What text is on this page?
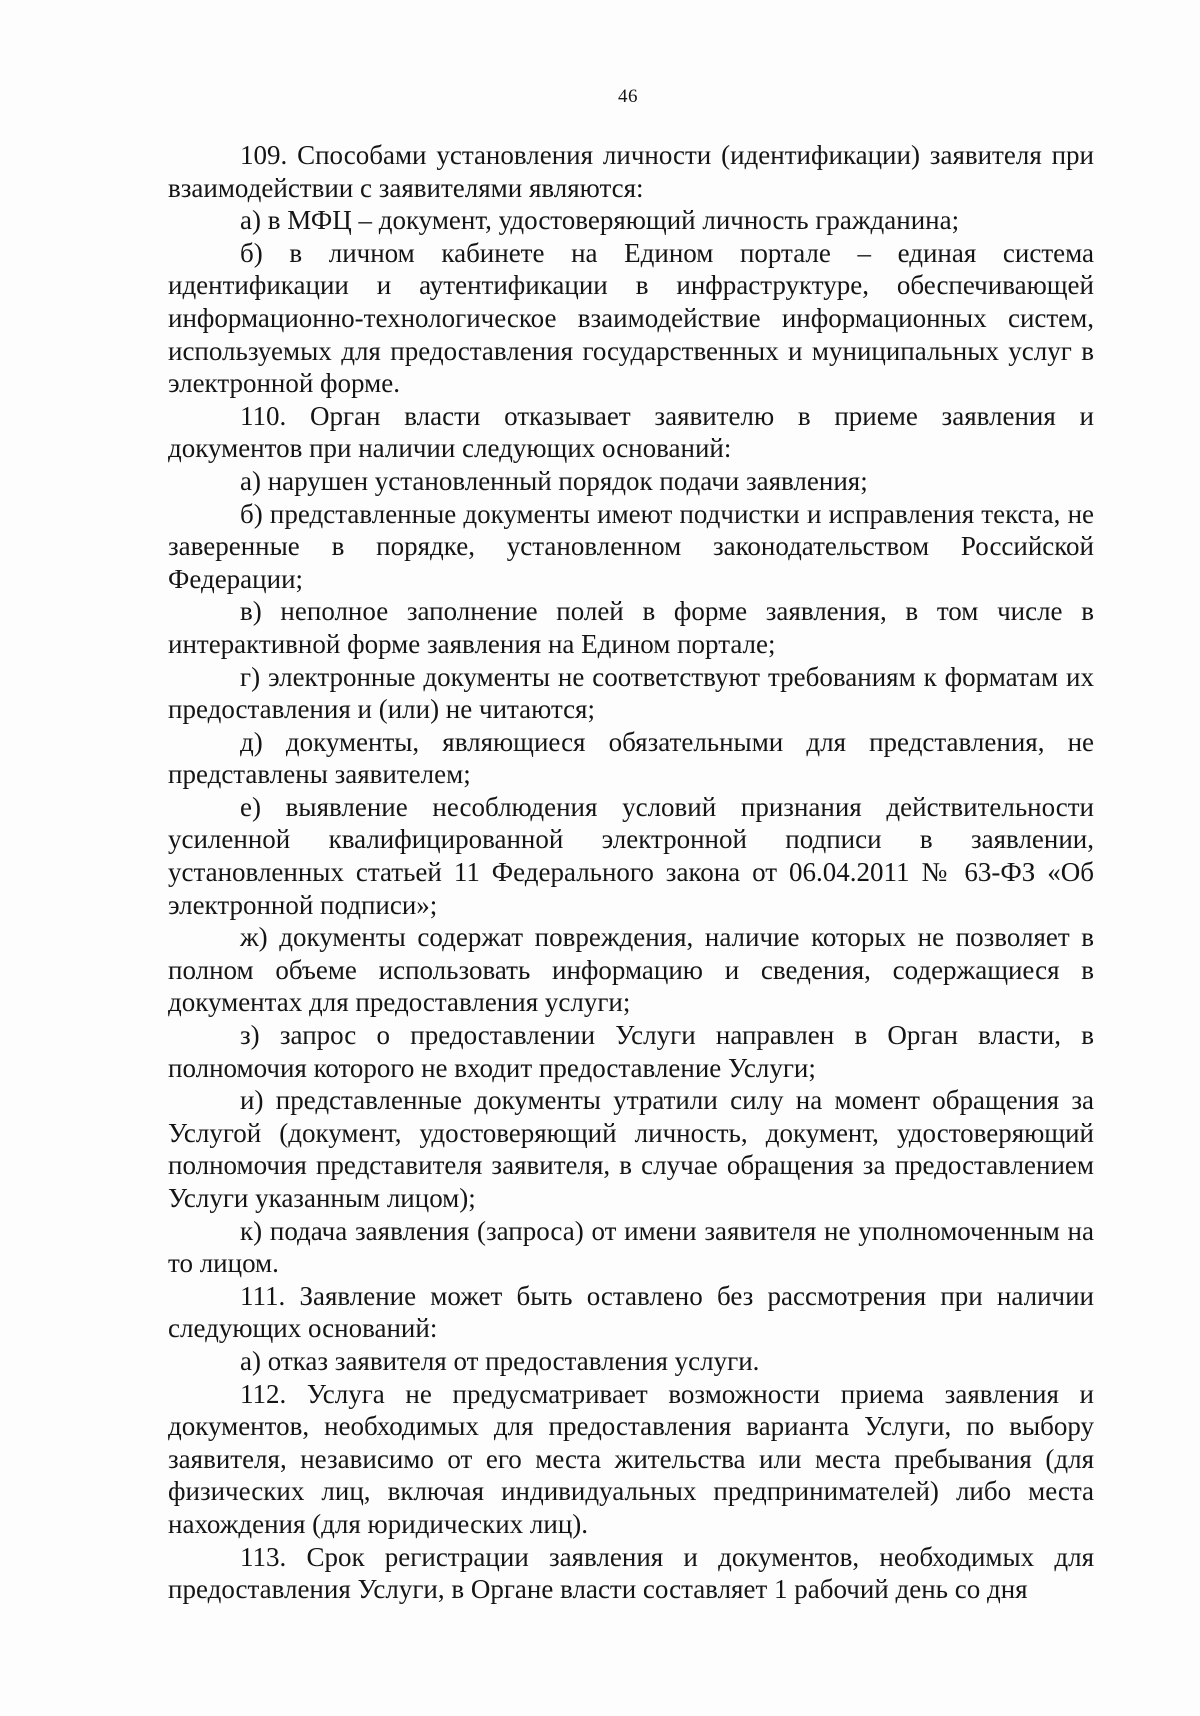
46

109. Способами установления личности (идентификации) заявителя при взаимодействии с заявителями являются:

а) в МФЦ – документ, удостоверяющий личность гражданина;

б) в личном кабинете на Едином портале – единая система идентификации и аутентификации в инфраструктуре, обеспечивающей информационно-технологическое взаимодействие информационных систем, используемых для предоставления государственных и муниципальных услуг в электронной форме.

110. Орган власти отказывает заявителю в приеме заявления и документов при наличии следующих оснований:

а) нарушен установленный порядок подачи заявления;

б) представленные документы имеют подчистки и исправления текста, не заверенные в порядке, установленном законодательством Российской Федерации;

в) неполное заполнение полей в форме заявления, в том числе в интерактивной форме заявления на Едином портале;

г) электронные документы не соответствуют требованиям к форматам их предоставления и (или) не читаются;

д) документы, являющиеся обязательными для представления, не представлены заявителем;

е) выявление несоблюдения условий признания действительности усиленной квалифицированной электронной подписи в заявлении, установленных статьей 11 Федерального закона от 06.04.2011 № 63-ФЗ «Об электронной подписи»;

ж) документы содержат повреждения, наличие которых не позволяет в полном объеме использовать информацию и сведения, содержащиеся в документах для предоставления услуги;

з) запрос о предоставлении Услуги направлен в Орган власти, в полномочия которого не входит предоставление Услуги;

и) представленные документы утратили силу на момент обращения за Услугой (документ, удостоверяющий личность, документ, удостоверяющий полномочия представителя заявителя, в случае обращения за предоставлением Услуги указанным лицом);

к) подача заявления (запроса) от имени заявителя не уполномоченным на то лицом.

111. Заявление может быть оставлено без рассмотрения при наличии следующих оснований:

а) отказ заявителя от предоставления услуги.

112. Услуга не предусматривает возможности приема заявления и документов, необходимых для предоставления варианта Услуги, по выбору заявителя, независимо от его места жительства или места пребывания (для физических лиц, включая индивидуальных предпринимателей) либо места нахождения (для юридических лиц).

113. Срок регистрации заявления и документов, необходимых для предоставления Услуги, в Органе власти составляет 1 рабочий день со дня
